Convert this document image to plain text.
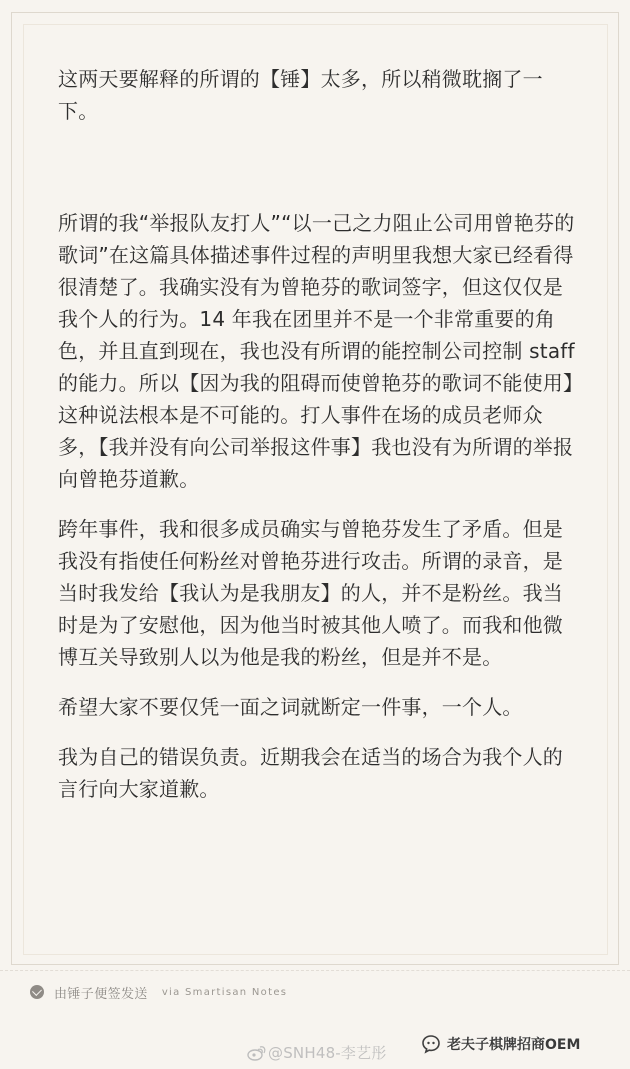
这两天要解释的所谓的【锤】太多，所以稍微耽搁了一下。

所谓的我“举报队友打人”“以一己之力阻止公司用曾艳芬的歌词”在这篇具体描述事件过程的声明里我想大家已经看得很清楚了。我确实没有为曾艳芬的歌词签字，但这仅仅是我个人的行为。14 年我在团里并不是一个非常重要的角色，并且直到现在，我也没有所谓的能控制公司控制 staff 的能力。所以【因为我的阻碍而使曾艳芬的歌词不能使用】这种说法根本是不可能的。打人事件在场的成员老师众多，【我并没有向公司举报这件事】我也没有为所谓的举报向曾艳芬道歉。

跨年事件，我和很多成员确实与曾艳芬发生了矛盾。但是我没有指使任何粉丝对曾艳芬进行攻击。所谓的录音，是当时我发给【我认为是我朋友】的人，并不是粉丝。我当时是为了安慰他，因为他当时被其他人喷了。而我和他微博互关导致别人以为他是我的粉丝，但是并不是。

希望大家不要仅凭一面之词就断定一件事，一个人。

我为自己的错误负责。近期我会在适当的场合为我个人的言行向大家道歉。

由锤子便签发送 via Smartisan Notes
@SNH48-李艺彤	老夫子棋牌招商OEM
